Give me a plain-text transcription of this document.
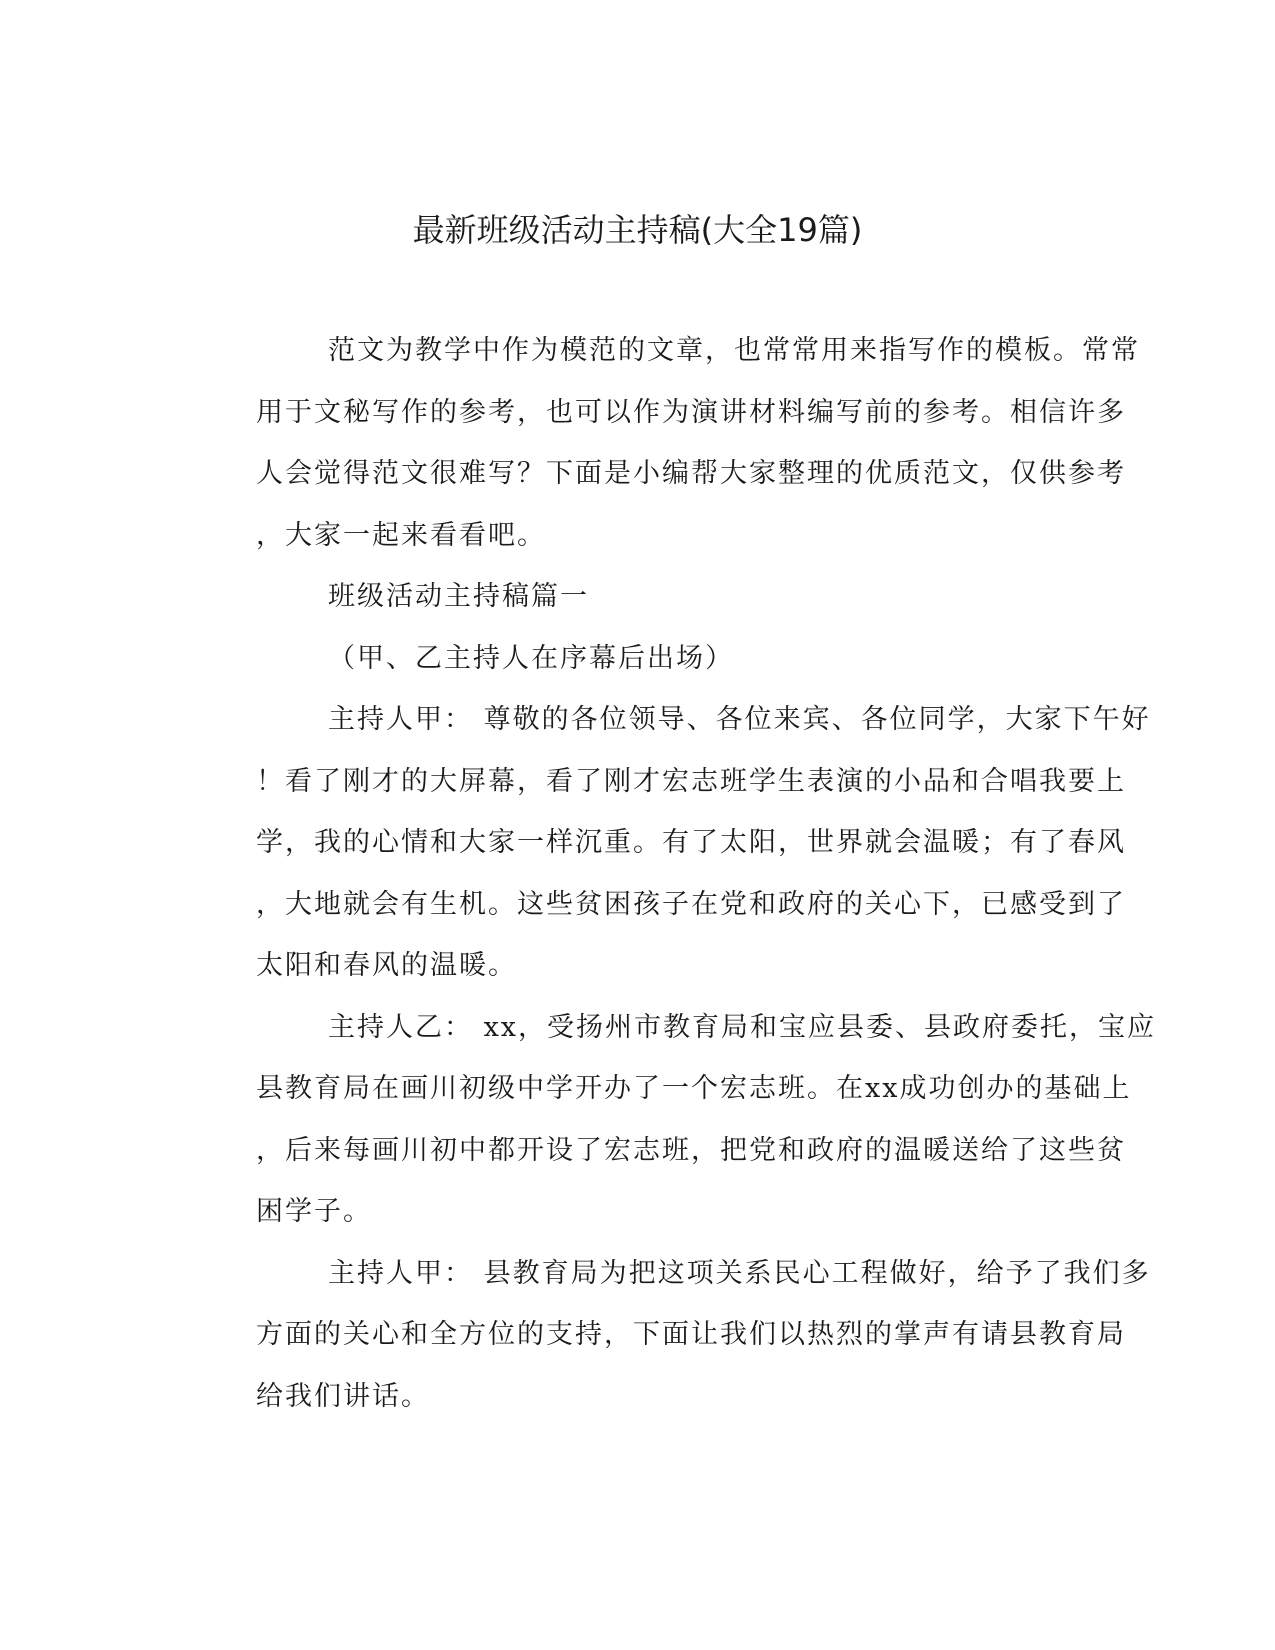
最新班级活动主持稿(大全19篇)

范文为教学中作为模范的文章，也常常用来指写作的模板。常常
用于文秘写作的参考，也可以作为演讲材料编写前的参考。相信许多
人会觉得范文很难写？下面是小编帮大家整理的优质范文，仅供参考
，大家一起来看看吧。

班级活动主持稿篇一

（甲、乙主持人在序幕后出场）

主持人甲： 尊敬的各位领导、各位来宾、各位同学，大家下午好
！看了刚才的大屏幕，看了刚才宏志班学生表演的小品和合唱我要上
学，我的心情和大家一样沉重。有了太阳，世界就会温暖；有了春风
，大地就会有生机。这些贫困孩子在党和政府的关心下，已感受到了
太阳和春风的温暖。

主持人乙： xx，受扬州市教育局和宝应县委、县政府委托，宝应
县教育局在画川初级中学开办了一个宏志班。在xx成功创办的基础上
，后来每画川初中都开设了宏志班，把党和政府的温暖送给了这些贫
困学子。

主持人甲： 县教育局为把这项关系民心工程做好，给予了我们多
方面的关心和全方位的支持，下面让我们以热烈的掌声有请县教育局
给我们讲话。
